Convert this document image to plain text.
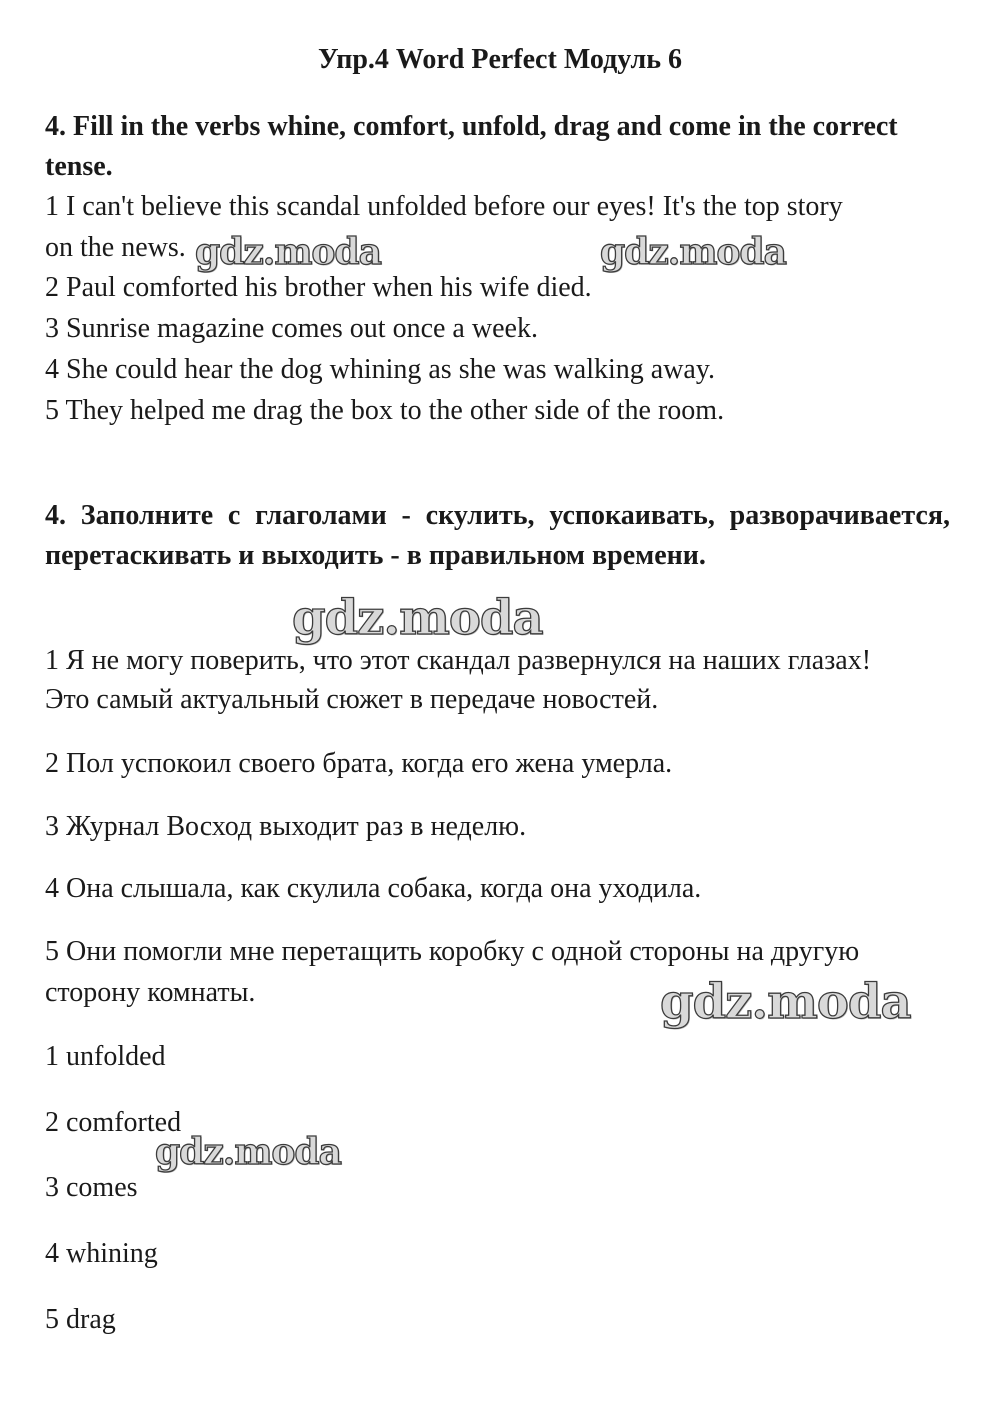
Упр.4 Word Perfect Модуль 6

4. Fill in the verbs whine, comfort, unfold, drag and come in the correct tense.

1 I can't believe this scandal unfolded before our eyes! It's the top story

on the news.

2 Paul comforted his brother when his wife died.

3 Sunrise magazine comes out once a week.

4 She could hear the dog whining as she was walking away.

5 They helped me drag the box to the other side of the room.

4. Заполните с глаголами - скулить, успокаивать, разворачивается, перетаскивать и выходить - в правильном времени.

1 Я не могу поверить, что этот скандал развернулся на наших глазах!

Это самый актуальный сюжет в передаче новостей.

2 Пол успокоил своего брата, когда его жена умерла.

3 Журнал Восход выходит раз в неделю.

4 Она слышала, как скулила собака, когда она уходила.

5 Они помогли мне перетащить коробку с одной стороны на другую

сторону комнаты.

1 unfolded

2 comforted

3 comes

4 whining

5 drag

gdz.moda	gdz.moda
gdz.moda
gdz.moda
gdz.moda
